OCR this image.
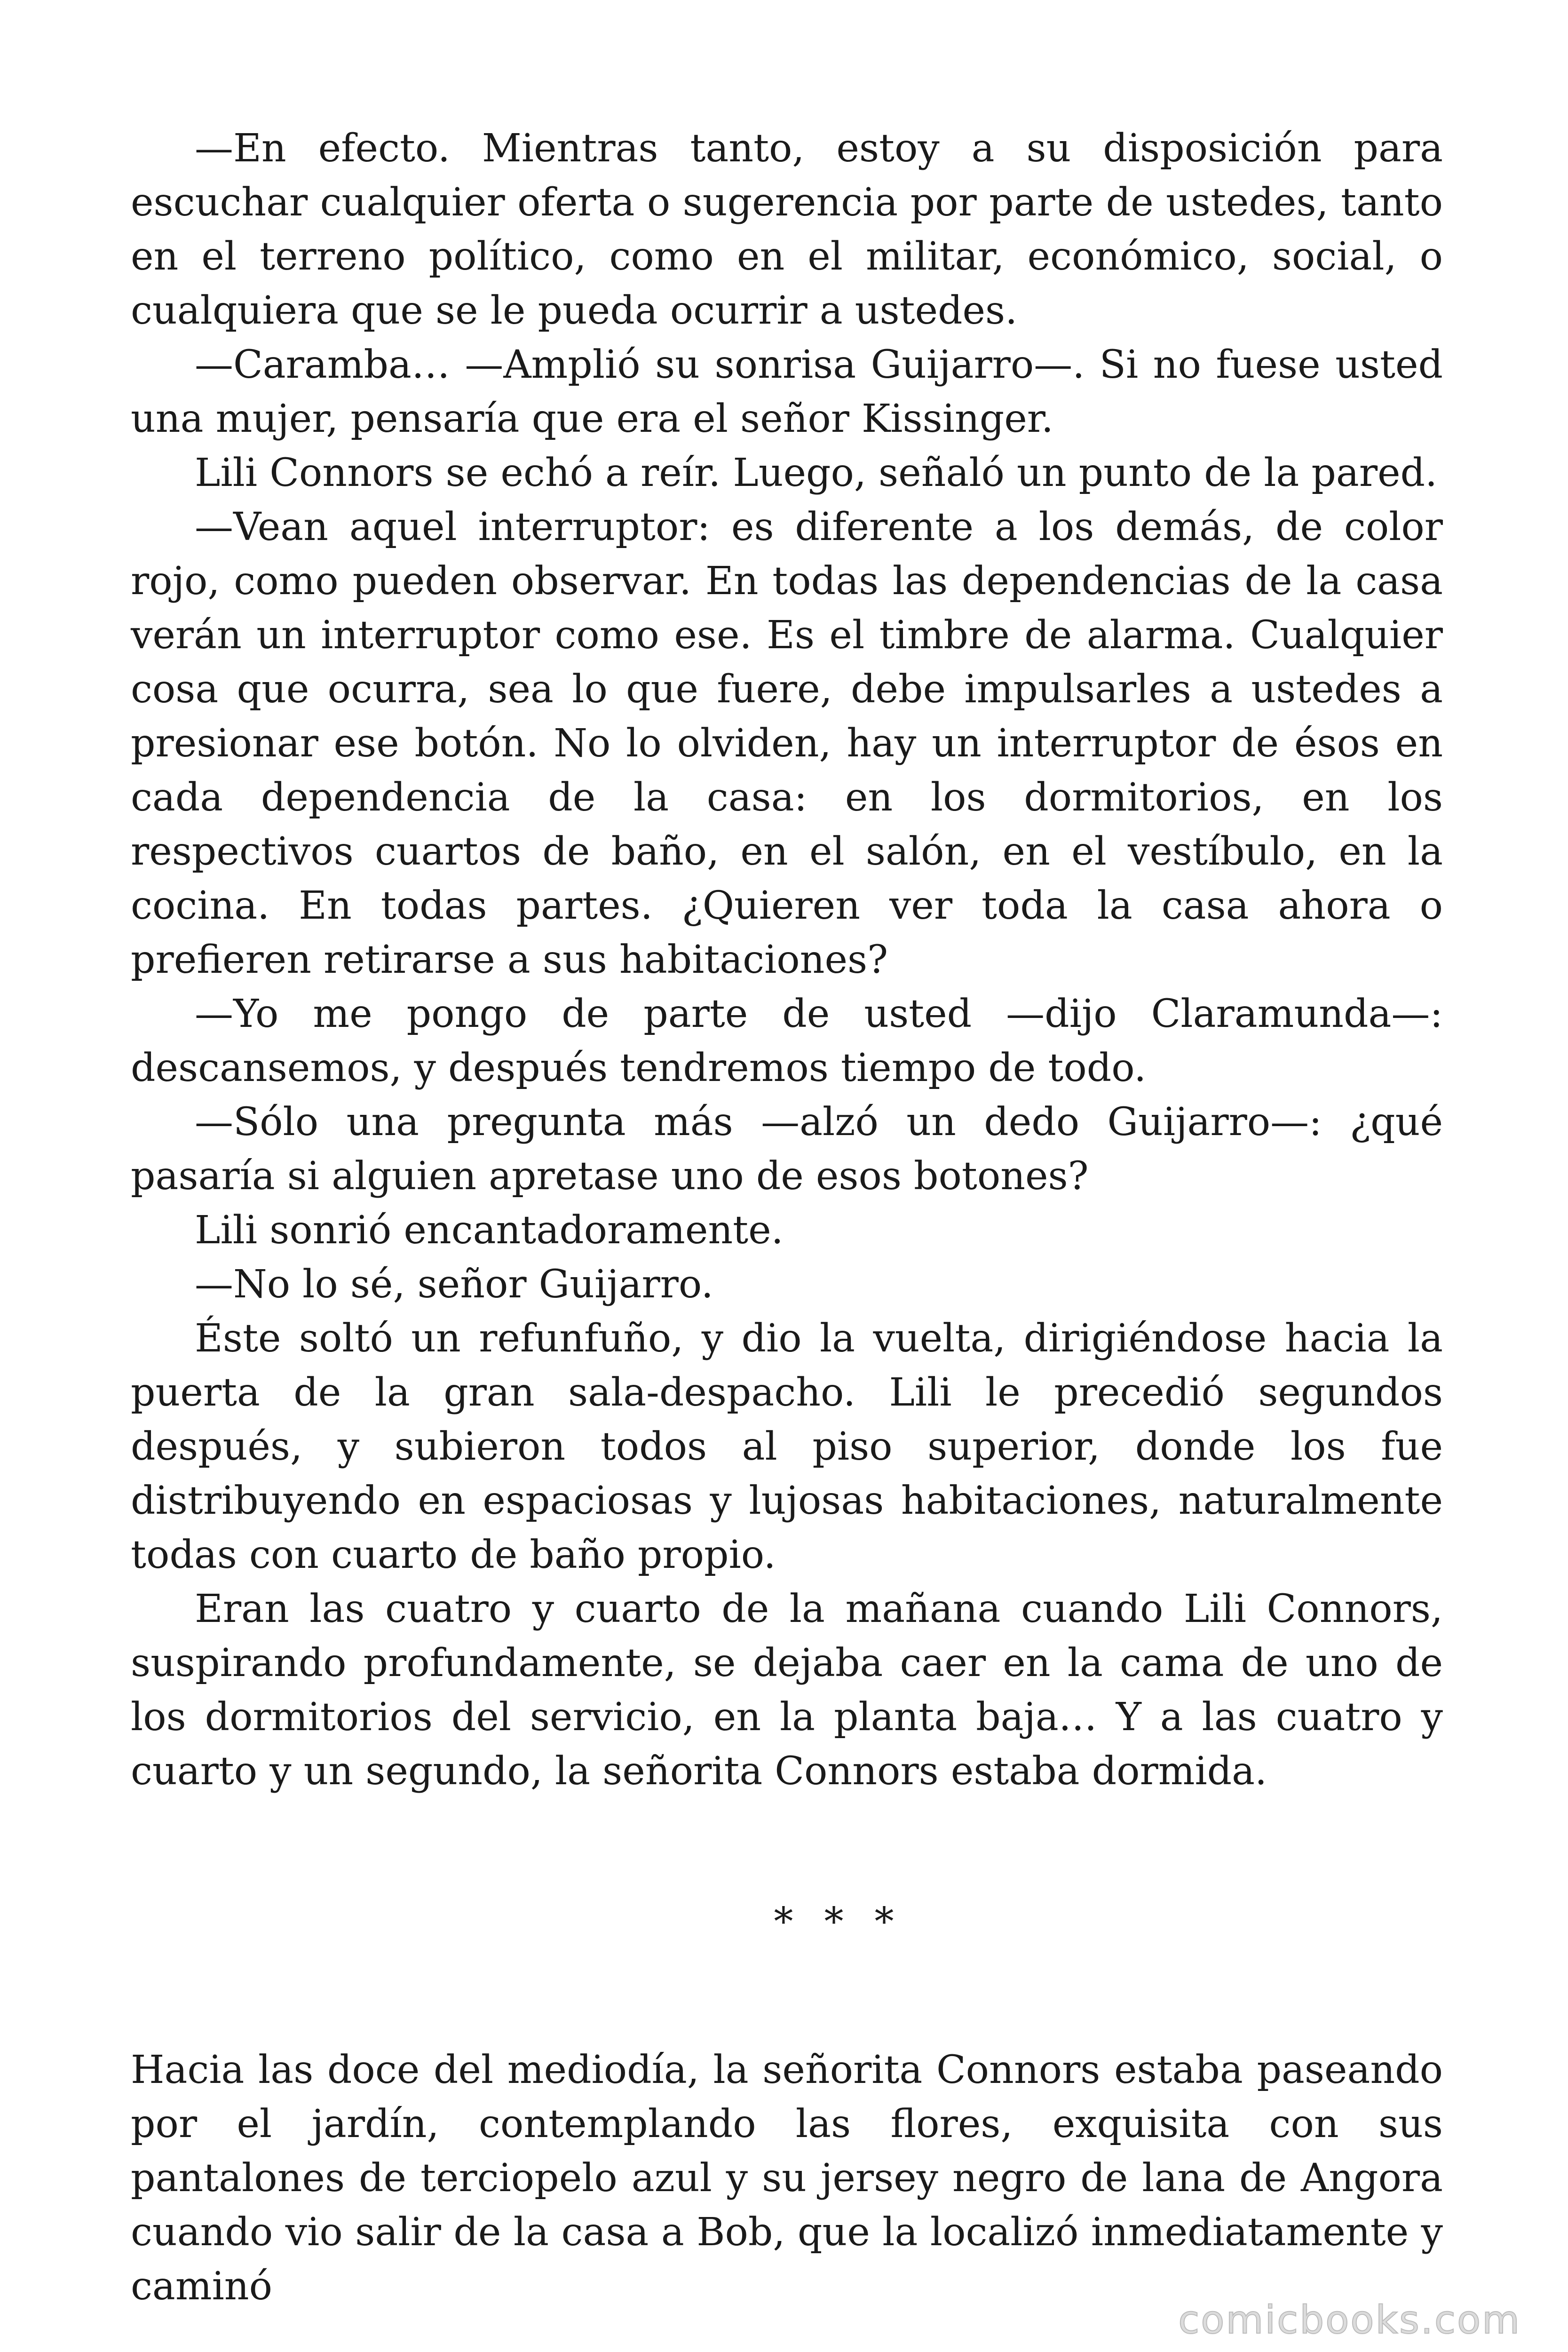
—En efecto. Mientras tanto, estoy a su disposición para escuchar cualquier oferta o sugerencia por parte de ustedes, tanto en el terreno político, como en el militar, económico, social, o cualquiera que se le pueda ocurrir a ustedes.

—Caramba… —Amplió su sonrisa Guijarro—. Si no fuese usted una mujer, pensaría que era el señor Kissinger.

Lili Connors se echó a reír. Luego, señaló un punto de la pared.

—Vean aquel interruptor: es diferente a los demás, de color rojo, como pueden observar. En todas las dependencias de la casa verán un interruptor como ese. Es el timbre de alarma. Cualquier cosa que ocurra, sea lo que fuere, debe impulsarles a ustedes a presionar ese botón. No lo olviden, hay un interruptor de ésos en cada dependencia de la casa: en los dormitorios, en los respectivos cuartos de baño, en el salón, en el vestíbulo, en la cocina. En todas partes. ¿Quieren ver toda la casa ahora o prefieren retirarse a sus habitaciones?

—Yo me pongo de parte de usted —dijo Claramunda—: descansemos, y después tendremos tiempo de todo.

—Sólo una pregunta más —alzó un dedo Guijarro—: ¿qué pasaría si alguien apretase uno de esos botones?

Lili sonrió encantadoramente.

—No lo sé, señor Guijarro.

Éste soltó un refunfuño, y dio la vuelta, dirigiéndose hacia la puerta de la gran sala-despacho. Lili le precedió segundos después, y subieron todos al piso superior, donde los fue distribuyendo en espaciosas y lujosas habitaciones, naturalmente todas con cuarto de baño propio.

Eran las cuatro y cuarto de la mañana cuando Lili Connors, suspirando profundamente, se dejaba caer en la cama de uno de los dormitorios del servicio, en la planta baja… Y a las cuatro y cuarto y un segundo, la señorita Connors estaba dormida.

* * *

Hacia las doce del mediodía, la señorita Connors estaba paseando por el jardín, contemplando las flores, exquisita con sus pantalones de terciopelo azul y su jersey negro de lana de Angora cuando vio salir de la casa a Bob, que la localizó inmediatamente y caminó

comicbooks.com
